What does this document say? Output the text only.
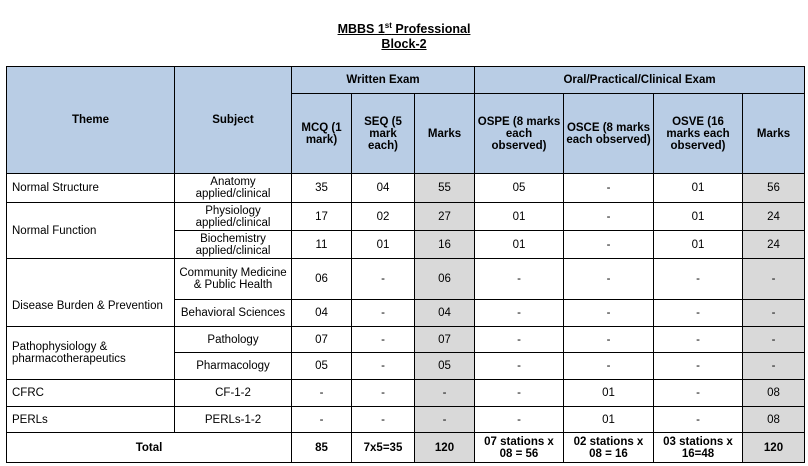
MBBS 1st Professional
Block-2
Theme	Subject	Written Exam			Oral/Practical/Clinical Exam			
		MCQ (1 mark)	SEQ (5 mark each)	Marks	OSPE (8 marks each observed)	OSCE (8 marks each observed)	OSVE (16 marks each observed)	Marks
Normal Structure	Anatomy applied/clinical	35	04	55	05	-	01	56
Normal Function	Physiology applied/clinical	17	02	27	01	-	01	24
	Biochemistry applied/clinical	11	01	16	01	-	01	24
Disease Burden & Prevention	Community Medicine & Public Health	06	-	06	-	-	-	-
	Behavioral Sciences	04	-	04	-	-	-	-
Pathophysiology & pharmacotherapeutics	Pathology	07	-	07	-	-	-	-
	Pharmacology	05	-	05	-	-	-	-
CFRC	CF-1-2	-	-	-	-	01	-	08
PERLs	PERLs-1-2	-	-	-	-	01	-	08
Total		85	7x5=35	120	07 stations x 08 = 56	02 stations x 08 = 16	03 stations x 16=48	120
